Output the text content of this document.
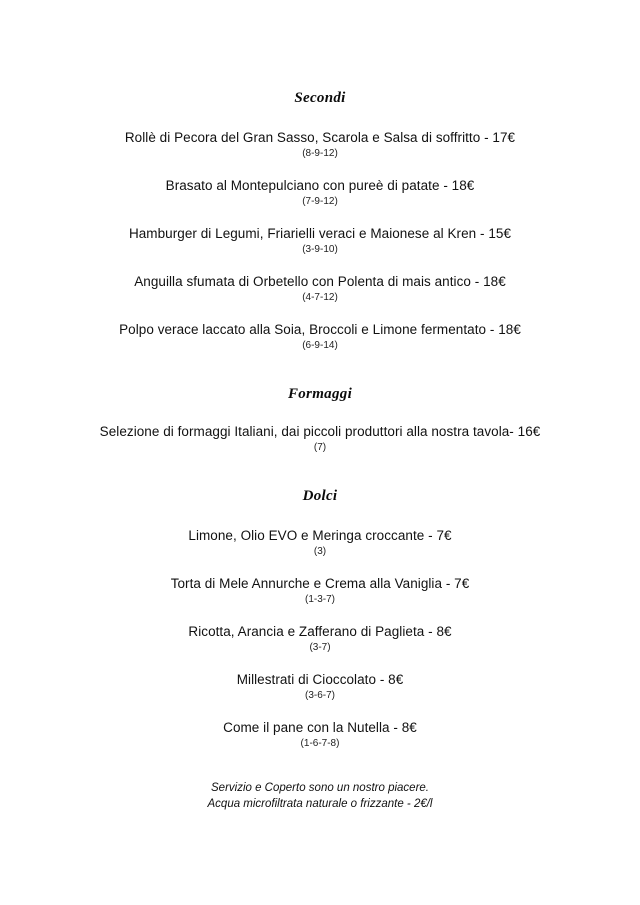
Secondi
Rollè di Pecora del Gran Sasso, Scarola e Salsa di soffritto - 17€
(8-9-12)
Brasato al Montepulciano con pureè di patate - 18€
(7-9-12)
Hamburger di Legumi, Friarielli veraci e Maionese al Kren - 15€
(3-9-10)
Anguilla sfumata di Orbetello con Polenta di mais antico - 18€
(4-7-12)
Polpo verace laccato alla Soia, Broccoli e Limone fermentato - 18€
(6-9-14)
Formaggi
Selezione di formaggi Italiani, dai piccoli produttori alla nostra tavola- 16€
(7)
Dolci
Limone, Olio EVO e Meringa croccante - 7€
(3)
Torta di Mele Annurche e Crema alla Vaniglia - 7€
(1-3-7)
Ricotta, Arancia e Zafferano di Paglieta - 8€
(3-7)
Millestrati di Cioccolato - 8€
(3-6-7)
Come il pane con la Nutella - 8€
(1-6-7-8)
Servizio e Coperto sono un nostro piacere.
Acqua microfiltrata naturale o frizzante - 2€/l
